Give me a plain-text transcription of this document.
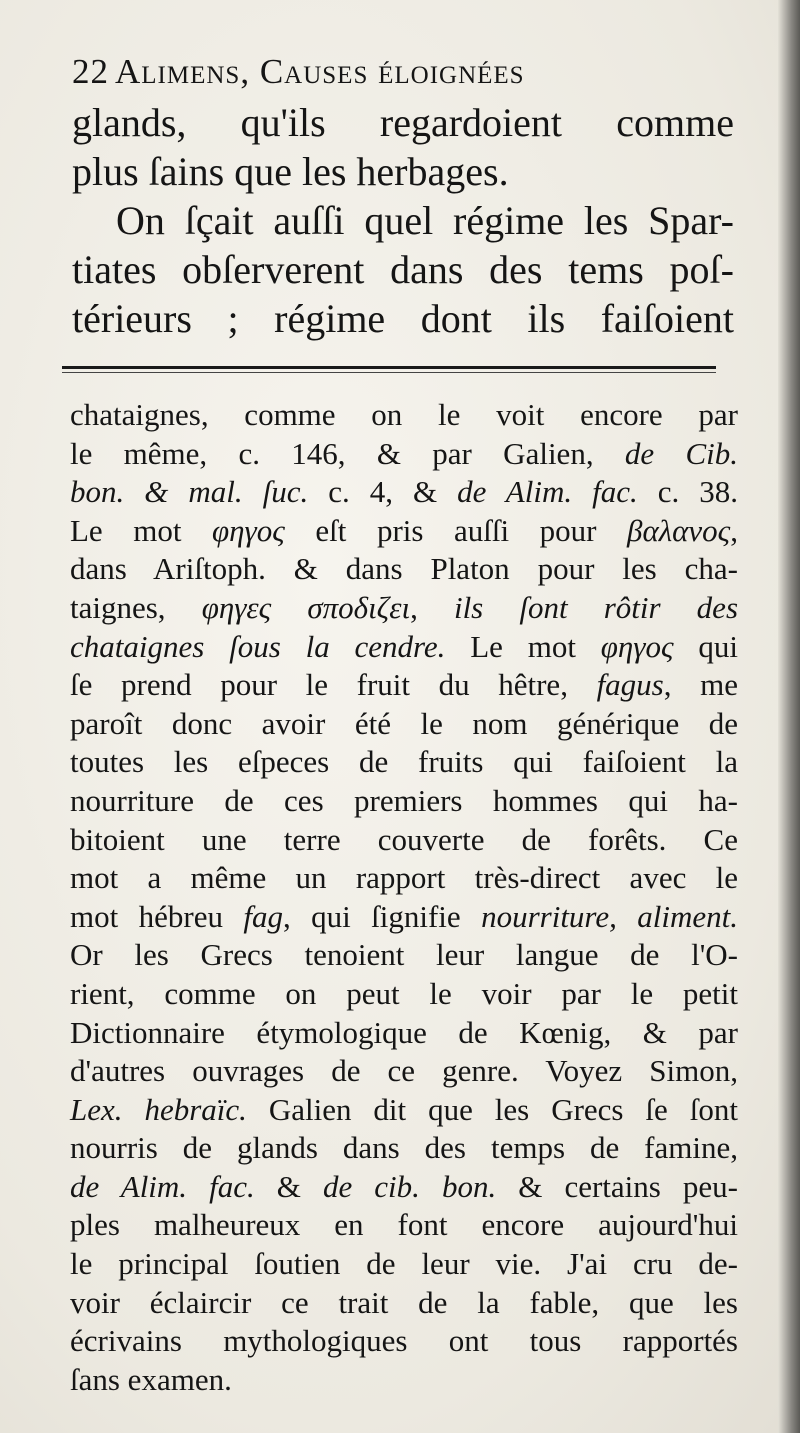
22 Alimens, Causes éloignées

glands, qu'ils regardoient comme
plus ſains que les herbages.

On ſçait auſſi quel régime les Spar-
tiates obſerverent dans des tems poſ-
térieurs ; régime dont ils faiſoient

chataignes, comme on le voit encore par
le même, c. 146, & par Galien, de Cib.
bon. & mal. ſuc. c. 4, & de Alim. fac. c. 38.
Le mot φηγος eſt pris auſſi pour βαλανος,
dans Ariſtoph. & dans Platon pour les cha-
taignes, φηγες σποδιζει, ils ſont rôtir des
chataignes ſous la cendre. Le mot φηγος qui
ſe prend pour le fruit du hêtre, fagus, me
paroît donc avoir été le nom générique de
toutes les eſpeces de fruits qui faiſoient la
nourriture de ces premiers hommes qui ha-
bitoient une terre couverte de forêts. Ce
mot a même un rapport très-direct avec le
mot hébreu fag, qui ſignifie nourriture, aliment.
Or les Grecs tenoient leur langue de l'O-
rient, comme on peut le voir par le petit
Dictionnaire étymologique de Kœnig, & par
d'autres ouvrages de ce genre. Voyez Simon,
Lex. hebraïc. Galien dit que les Grecs ſe ſont
nourris de glands dans des temps de famine,
de Alim. fac. & de cib. bon. & certains peu-
ples malheureux en font encore aujourd'hui
le principal ſoutien de leur vie. J'ai cru de-
voir éclaircir ce trait de la fable, que les
écrivains mythologiques ont tous rapportés
ſans examen.
